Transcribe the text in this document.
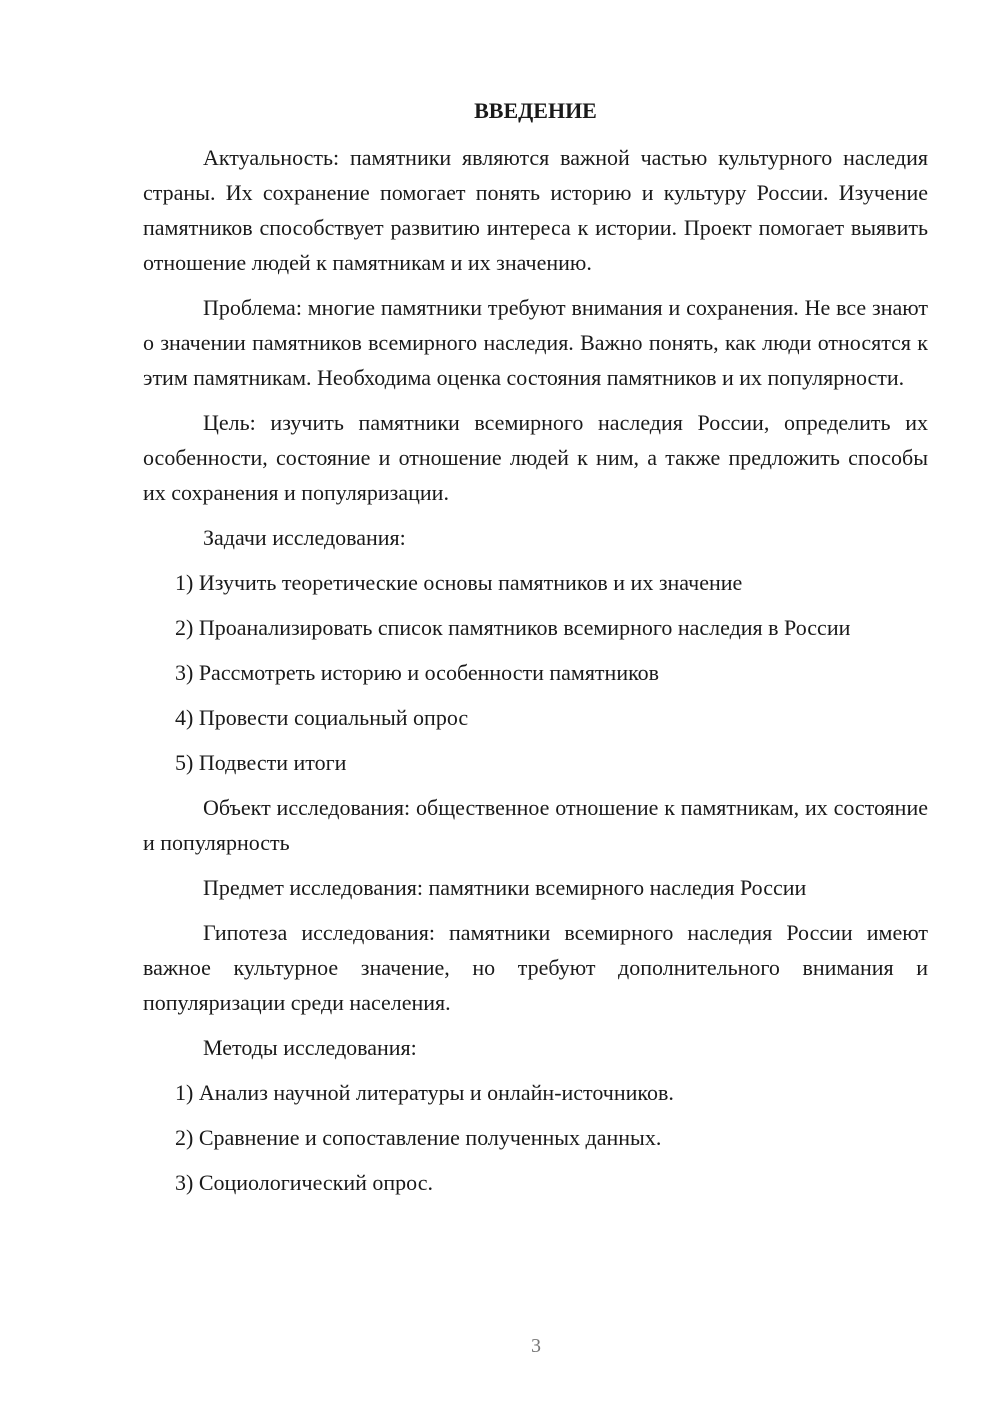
ВВЕДЕНИЕ

Актуальность: памятники являются важной частью культурного наследия страны. Их сохранение помогает понять историю и культуру России. Изучение памятников способствует развитию интереса к истории. Проект помогает выявить отношение людей к памятникам и их значению.

Проблема: многие памятники требуют внимания и сохранения. Не все знают о значении памятников всемирного наследия. Важно понять, как люди относятся к этим памятникам. Необходима оценка состояния памятников и их популярности.

Цель: изучить памятники всемирного наследия России, определить их особенности, состояние и отношение людей к ним, а также предложить способы их сохранения и популяризации.

Задачи исследования:

1) Изучить теоретические основы памятников и их значение

2) Проанализировать список памятников всемирного наследия в России

3) Рассмотреть историю и особенности памятников

4) Провести социальный опрос

5) Подвести итоги

Объект исследования: общественное отношение к памятникам, их состояние и популярность

Предмет исследования: памятники всемирного наследия России

Гипотеза исследования: памятники всемирного наследия России имеют важное культурное значение, но требуют дополнительного внимания и популяризации среди населения.

Методы исследования:

1) Анализ научной литературы и онлайн-источников.

2) Сравнение и сопоставление полученных данных.

3) Социологический опрос.

3
